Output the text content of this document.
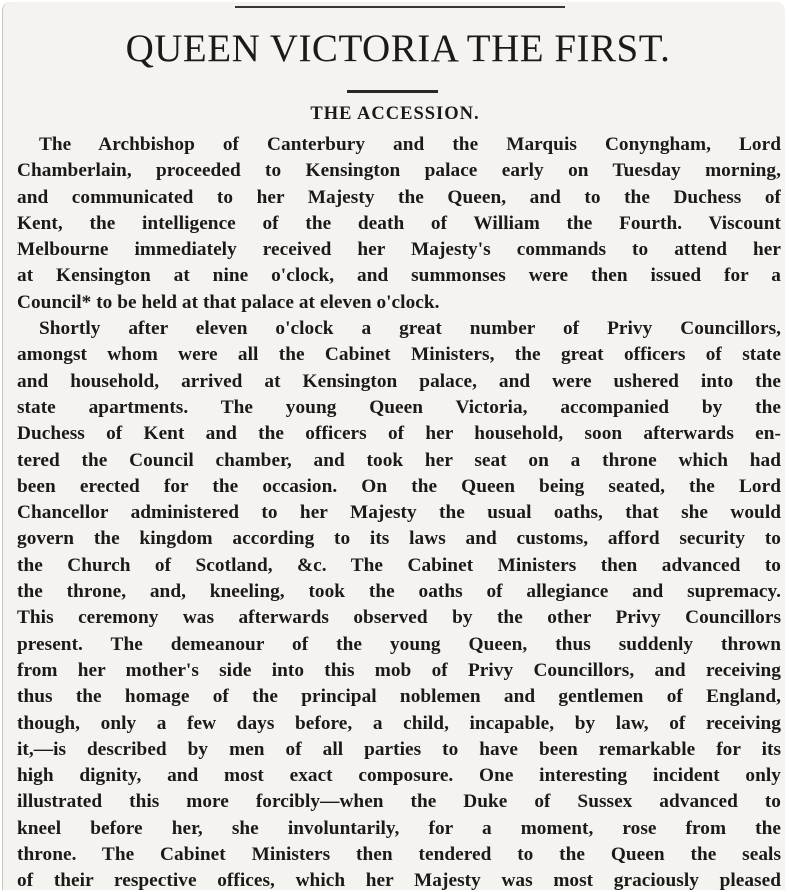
QUEEN VICTORIA THE FIRST.
THE ACCESSION.
The Archbishop of Canterbury and the Marquis Conyngham, Lord
Chamberlain, proceeded to Kensington palace early on Tuesday morning,
and communicated to her Majesty the Queen, and to the Duchess of
Kent, the intelligence of the death of William the Fourth. Viscount
Melbourne immediately received her Majesty's commands to attend her
at Kensington at nine o'clock, and summonses were then issued for a
Council* to be held at that palace at eleven o'clock.
Shortly after eleven o'clock a great number of Privy Councillors,
amongst whom were all the Cabinet Ministers, the great officers of state
and household, arrived at Kensington palace, and were ushered into the
state apartments. The young Queen Victoria, accompanied by the
Duchess of Kent and the officers of her household, soon afterwards en-
tered the Council chamber, and took her seat on a throne which had
been erected for the occasion. On the Queen being seated, the Lord
Chancellor administered to her Majesty the usual oaths, that she would
govern the kingdom according to its laws and customs, afford security to
the Church of Scotland, &c. The Cabinet Ministers then advanced to
the throne, and, kneeling, took the oaths of allegiance and supremacy.
This ceremony was afterwards observed by the other Privy Councillors
present. The demeanour of the young Queen, thus suddenly thrown
from her mother's side into this mob of Privy Councillors, and receiving
thus the homage of the principal noblemen and gentlemen of England,
though, only a few days before, a child, incapable, by law, of receiving
it,—is described by men of all parties to have been remarkable for its
high dignity, and most exact composure. One interesting incident only
illustrated this more forcibly—when the Duke of Sussex advanced to
kneel before her, she involuntarily, for a moment, rose from the
throne. The Cabinet Ministers then tendered to the Queen the seals
of their respective offices, which her Majesty was most graciously pleased
